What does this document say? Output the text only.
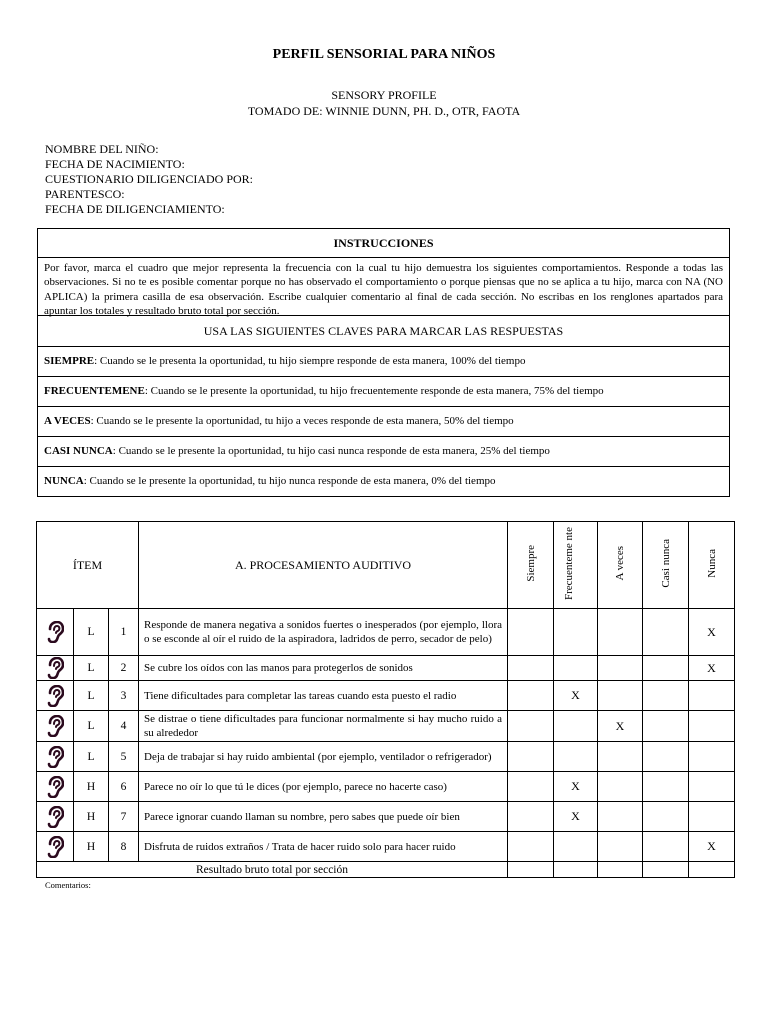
PERFIL SENSORIAL PARA NIÑOS
SENSORY PROFILE
TOMADO DE: WINNIE DUNN, PH. D., OTR, FAOTA
NOMBRE DEL NIÑO:
FECHA DE NACIMIENTO:
CUESTIONARIO DILIGENCIADO POR:
PARENTESCO:
FECHA DE DILIGENCIAMIENTO:
INSTRUCCIONES
Por favor, marca el cuadro que mejor representa la frecuencia con la cual tu hijo demuestra los siguientes comportamientos. Responde a todas las observaciones. Si no te es posible comentar porque no has observado el comportamiento o porque piensas que no se aplica a tu hijo, marca con NA (NO APLICA) la primera casilla de esa observación. Escribe cualquier comentario al final de cada sección. No escribas en los renglones apartados para apuntar los totales y resultado bruto total por sección.
USA LAS SIGUIENTES CLAVES PARA MARCAR LAS RESPUESTAS
SIEMPRE: Cuando se le presenta la oportunidad, tu hijo siempre responde de esta manera, 100% del tiempo
FRECUENTEMENE: Cuando se le presente la oportunidad, tu hijo frecuentemente responde de esta manera, 75% del tiempo
A VECES: Cuando se le presente la oportunidad, tu hijo a veces responde de esta manera, 50% del tiempo
CASI NUNCA: Cuando se le presente la oportunidad, tu hijo casi nunca responde de esta manera, 25% del tiempo
NUNCA: Cuando se le presente la oportunidad, tu hijo nunca responde de esta manera, 0% del tiempo
ÍTEM			A. PROCESAMIENTO AUDITIVO	Siempre	Frecuenteme nte	A veces	Casi nunca	Nunca

	L	1	Responde de manera negativa a sonidos fuertes o inesperados (por ejemplo, llora o se esconde al oír el ruido de la aspiradora, ladridos de perro, secador de pelo)					X

	L	2	Se cubre los oídos con las manos para protegerlos de sonidos					X

	L	3	Tiene dificultades para completar las tareas cuando esta puesto el radio		X			

	L	4	Se distrae o tiene dificultades para funcionar normalmente si hay mucho ruido a su alrededor			X		

	L	5	Deja de trabajar si hay ruido ambiental (por ejemplo, ventilador o refrigerador)					

	H	6	Parece no oír lo que tú le dices (por ejemplo, parece no hacerte caso)		X			

	H	7	Parece ignorar cuando llaman su nombre, pero sabes que puede oír bien		X			

	H	8	Disfruta de ruidos extraños / Trata de hacer ruido solo para hacer ruido					X
Resultado bruto total por sección								
Comentarios:
